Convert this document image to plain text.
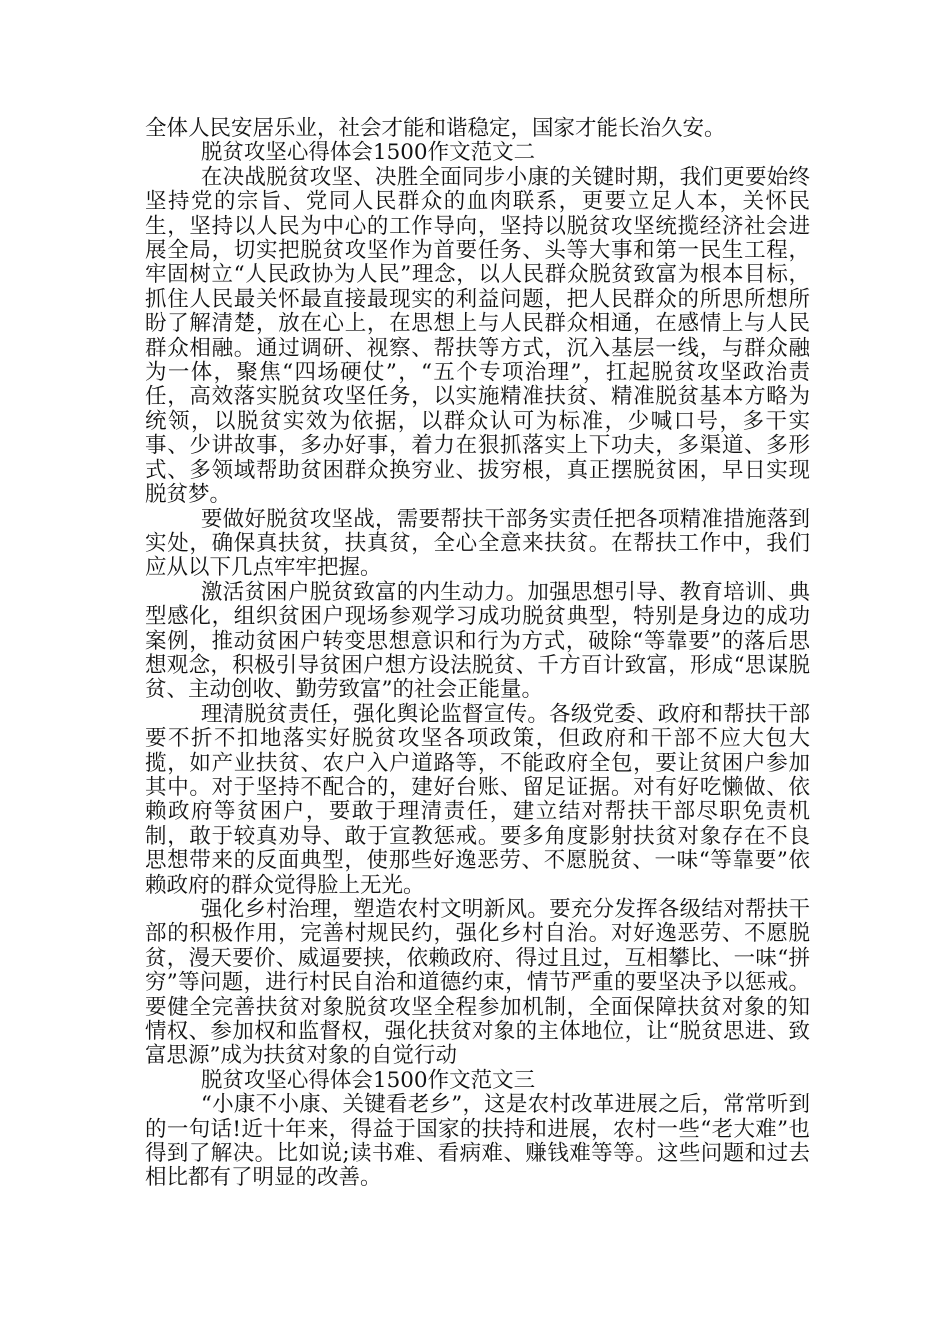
全体人民安居乐业，社会才能和谐稳定，国家才能长治久安。

脱贫攻坚心得体会1500作文范文二

在决战脱贫攻坚、决胜全面同步小康的关键时期，我们更要始终坚持党的宗旨、党同人民群众的血肉联系，更要立足人本，关怀民生，坚持以人民为中心的工作导向，坚持以脱贫攻坚统揽经济社会进展全局，切实把脱贫攻坚作为首要任务、头等大事和第一民生工程，牢固树立“人民政协为人民”理念，以人民群众脱贫致富为根本目标，抓住人民最关怀最直接最现实的利益问题，把人民群众的所思所想所盼了解清楚，放在心上，在思想上与人民群众相通，在感情上与人民群众相融。通过调研、视察、帮扶等方式，沉入基层一线，与群众融为一体，聚焦“四场硬仗”，“五个专项治理”，扛起脱贫攻坚政治责任，高效落实脱贫攻坚任务，以实施精准扶贫、精准脱贫基本方略为统领，以脱贫实效为依据，以群众认可为标准，少喊口号，多干实事、少讲故事，多办好事，着力在狠抓落实上下功夫，多渠道、多形式、多领域帮助贫困群众换穷业、拔穷根，真正摆脱贫困，早日实现脱贫梦。

要做好脱贫攻坚战，需要帮扶干部务实责任把各项精准措施落到实处，确保真扶贫，扶真贫，全心全意来扶贫。在帮扶工作中，我们应从以下几点牢牢把握。

激活贫困户脱贫致富的内生动力。加强思想引导、教育培训、典型感化，组织贫困户现场参观学习成功脱贫典型，特别是身边的成功案例，推动贫困户转变思想意识和行为方式，破除“等靠要”的落后思想观念，积极引导贫困户想方设法脱贫、千方百计致富，形成“思谋脱贫、主动创收、勤劳致富”的社会正能量。

理清脱贫责任，强化舆论监督宣传。各级党委、政府和帮扶干部要不折不扣地落实好脱贫攻坚各项政策，但政府和干部不应大包大揽，如产业扶贫、农户入户道路等，不能政府全包，要让贫困户参加其中。对于坚持不配合的，建好台账、留足证据。对有好吃懒做、依赖政府等贫困户，要敢于理清责任，建立结对帮扶干部尽职免责机制，敢于较真劝导、敢于宣教惩戒。要多角度影射扶贫对象存在不良思想带来的反面典型，使那些好逸恶劳、不愿脱贫、一味“等靠要”依赖政府的群众觉得脸上无光。

强化乡村治理，塑造农村文明新风。要充分发挥各级结对帮扶干部的积极作用，完善村规民约，强化乡村自治。对好逸恶劳、不愿脱贫，漫天要价、威逼要挟，依赖政府、得过且过，互相攀比、一味“拼穷”等问题，进行村民自治和道德约束，情节严重的要坚决予以惩戒。要健全完善扶贫对象脱贫攻坚全程参加机制，全面保障扶贫对象的知情权、参加权和监督权，强化扶贫对象的主体地位，让“脱贫思进、致富思源”成为扶贫对象的自觉行动

脱贫攻坚心得体会1500作文范文三

“小康不小康、关键看老乡”，这是农村改革进展之后，常常听到的一句话!近十年来，得益于国家的扶持和进展，农村一些“老大难”也得到了解决。比如说;读书难、看病难、赚钱难等等。这些问题和过去相比都有了明显的改善。
